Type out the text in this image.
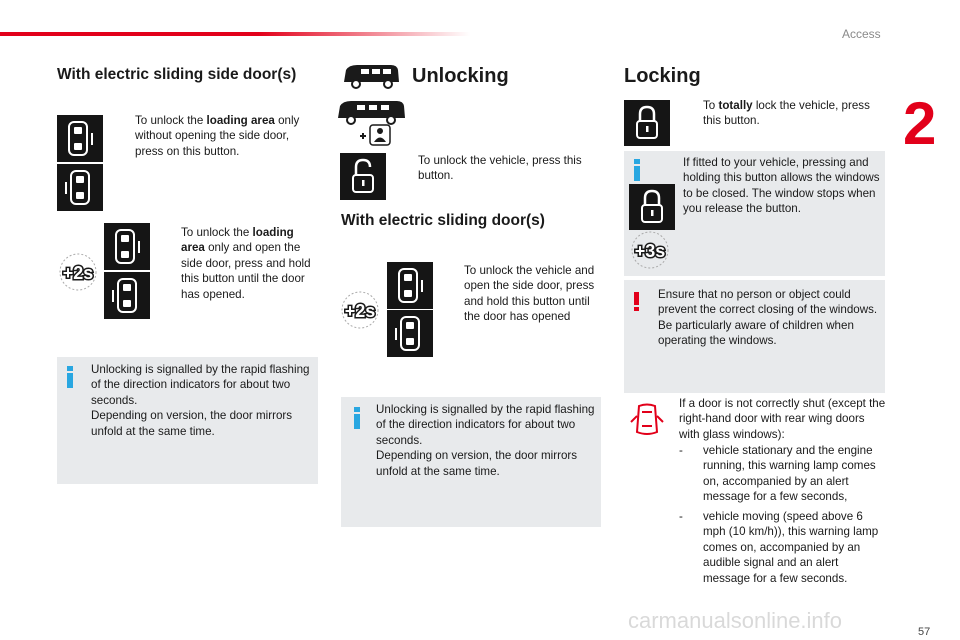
Access
2
With electric sliding side door(s)
To unlock the loading area only without opening the side door, press on this button.
+2s
To unlock the loading area only and open the side door, press and hold this button until the door has opened.
Unlocking is signalled by the rapid flashing of the direction indicators for about two seconds.
Depending on version, the door mirrors unfold at the same time.
Unlocking
To unlock the vehicle, press this button.
With electric sliding door(s)
+2s
To unlock the vehicle and open the side door, press and hold this button until the door has opened
Unlocking is signalled by the rapid flashing of the direction indicators for about two seconds.
Depending on version, the door mirrors unfold at the same time.
Locking
To totally lock the vehicle, press this button.
+3s
If fitted to your vehicle, pressing and holding this button allows the windows to be closed. The window stops when you release the button.
Ensure that no person or object could prevent the correct closing of the windows.
Be particularly aware of children when operating the windows.
If a door is not correctly shut (except the right-hand door with rear wing doors with glass windows):
- vehicle stationary and the engine running, this warning lamp comes on, accompanied by an alert message for a few seconds,
- vehicle moving (speed above 6 mph (10 km/h)), this warning lamp comes on, accompanied by an audible signal and an alert message for a few seconds.
carmanualsonline.info	57
